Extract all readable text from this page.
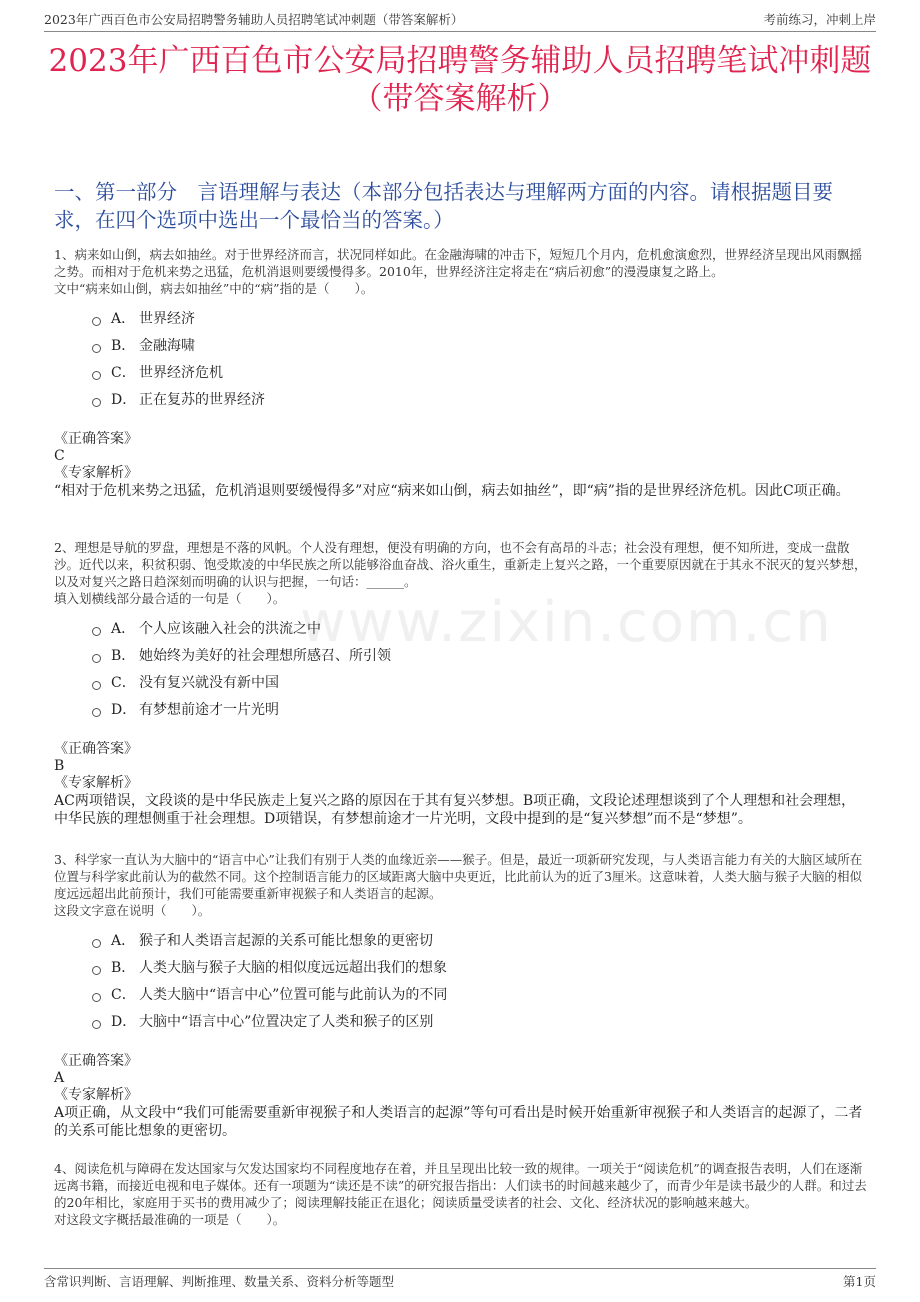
2023年广西百色市公安局招聘警务辅助人员招聘笔试冲刺题（带答案解析）	考前练习，冲刺上岸
2023年广西百色市公安局招聘警务辅助人员招聘笔试冲刺题
（带答案解析）
一、第一部分　言语理解与表达（本部分包括表达与理解两方面的内容。请根据题目要求，在四个选项中选出一个最恰当的答案。）
www.zixin.com.cn

1、病来如山倒，病去如抽丝。对于世界经济而言，状况同样如此。在金融海啸的冲击下，短短几个月内，危机愈演愈烈，世界经济呈现出风雨飘摇之势。而相对于危机来势之迅猛，危机消退则要缓慢得多。2010年，世界经济注定将走在“病后初愈”的漫漫康复之路上。

文中“病来如山倒，病去如抽丝”中的“病”指的是（　　）。

A． 世界经济
B． 金融海啸
C． 世界经济危机
D． 正在复苏的世界经济

《正确答案》

C

《专家解析》

“相对于危机来势之迅猛，危机消退则要缓慢得多”对应“病来如山倒，病去如抽丝”，即“病”指的是世界经济危机。因此C项正确。

2、理想是导航的罗盘，理想是不落的风帆。个人没有理想，便没有明确的方向，也不会有高昂的斗志；社会没有理想，便不知所进，变成一盘散沙。近代以来，积贫积弱、饱受欺凌的中华民族之所以能够浴血奋战、浴火重生，重新走上复兴之路，一个重要原因就在于其永不泯灭的复兴梦想，以及对复兴之路日趋深刻而明确的认识与把握，一句话：______。

填入划横线部分最合适的一句是（　　）。

A． 个人应该融入社会的洪流之中
B． 她始终为美好的社会理想所感召、所引领
C． 没有复兴就没有新中国
D． 有梦想前途才一片光明

《正确答案》

B

《专家解析》

AC两项错误，文段谈的是中华民族走上复兴之路的原因在于其有复兴梦想。B项正确，文段论述理想谈到了个人理想和社会理想，中华民族的理想侧重于社会理想。D项错误，有梦想前途才一片光明，文段中提到的是“复兴梦想”而不是“梦想”。

3、科学家一直认为大脑中的“语言中心”让我们有别于人类的血缘近亲——猴子。但是，最近一项新研究发现，与人类语言能力有关的大脑区域所在位置与科学家此前认为的截然不同。这个控制语言能力的区域距离大脑中央更近，比此前认为的近了3厘米。这意味着，人类大脑与猴子大脑的相似度远远超出此前预计，我们可能需要重新审视猴子和人类语言的起源。

这段文字意在说明（　　）。

A． 猴子和人类语言起源的关系可能比想象的更密切
B． 人类大脑与猴子大脑的相似度远远超出我们的想象
C． 人类大脑中“语言中心”位置可能与此前认为的不同
D． 大脑中“语言中心”位置决定了人类和猴子的区别

《正确答案》

A

《专家解析》

A项正确，从文段中“我们可能需要重新审视猴子和人类语言的起源”等句可看出是时候开始重新审视猴子和人类语言的起源了，二者的关系可能比想象的更密切。

4、阅读危机与障碍在发达国家与欠发达国家均不同程度地存在着，并且呈现出比较一致的规律。一项关于“阅读危机”的调查报告表明，人们在逐渐远离书籍，而接近电视和电子媒体。还有一项题为“读还是不读”的研究报告指出：人们读书的时间越来越少了，而青少年是读书最少的人群。和过去的20年相比，家庭用于买书的费用减少了；阅读理解技能正在退化；阅读质量受读者的社会、文化、经济状况的影响越来越大。

对这段文字概括最准确的一项是（　　）。

含常识判断、言语理解、判断推理、数量关系、资料分析等题型	第1页
